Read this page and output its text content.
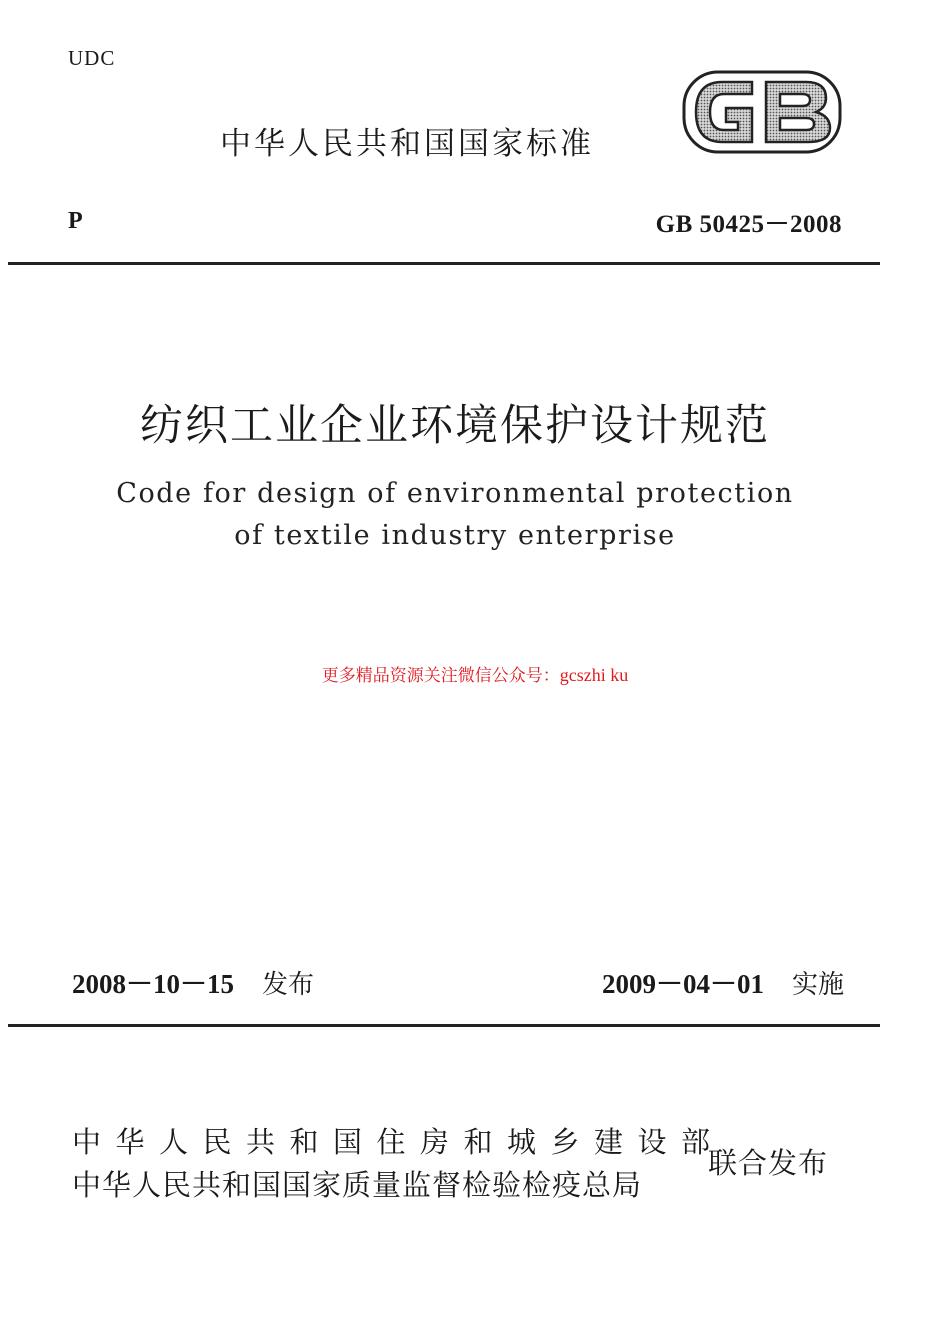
UDC
中华人民共和国国家标准
P	GB 50425－2008
纺织工业企业环境保护设计规范
Code for design of environmental protection
of textile industry enterprise
更多精品资源关注微信公众号：gcszhi ku
2008－10－15 发布	2009－04－01 实施
中华人民共和国住房和城乡建设部
中华人民共和国国家质量监督检验检疫总局
联合发布
